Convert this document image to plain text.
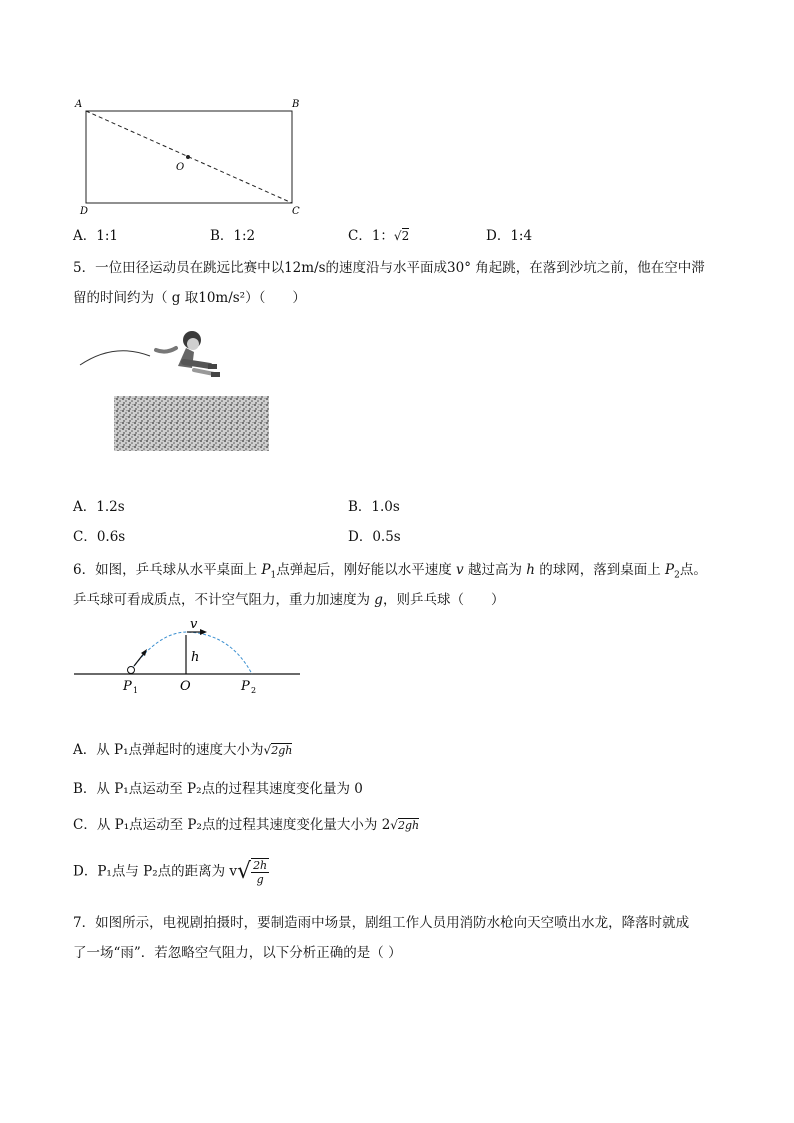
A	B
C
D
O
A．1:1	B．1:2	C．1：√2	D．1:4
5．一位田径运动员在跳远比赛中以12m/s的速度沿与水平面成30° 角起跳，在落到沙坑之前，他在空中滞
留的时间约为（ g 取10m/s²）（　　）
A．1.2s	B．1.0s
C．0.6s	D．0.5s
6．如图，乒乓球从水平桌面上 $P_1$点弹起后，刚好能以水平速度 v 越过高为 h 的球网，落到桌面上 $P_2$点。
乒乓球可看成质点，不计空气阻力，重力加速度为 g，则乒乓球（　　）
v
h
P 1	O	P 2
A．从 P₁点弹起时的速度大小为√2gh
B．从 P₁点运动至 P₂点的过程其速度变化量为 0
C．从 P₁点运动至 P₂点的过程其速度变化量大小为 2√2gh
D．P₁点与 P₂点的距离为 $v√ \frac{2h}{g}$
7．如图所示，电视剧拍摄时，要制造雨中场景，剧组工作人员用消防水枪向天空喷出水龙，降落时就成
了一场“雨”．若忽略空气阻力，以下分析正确的是（ ）
